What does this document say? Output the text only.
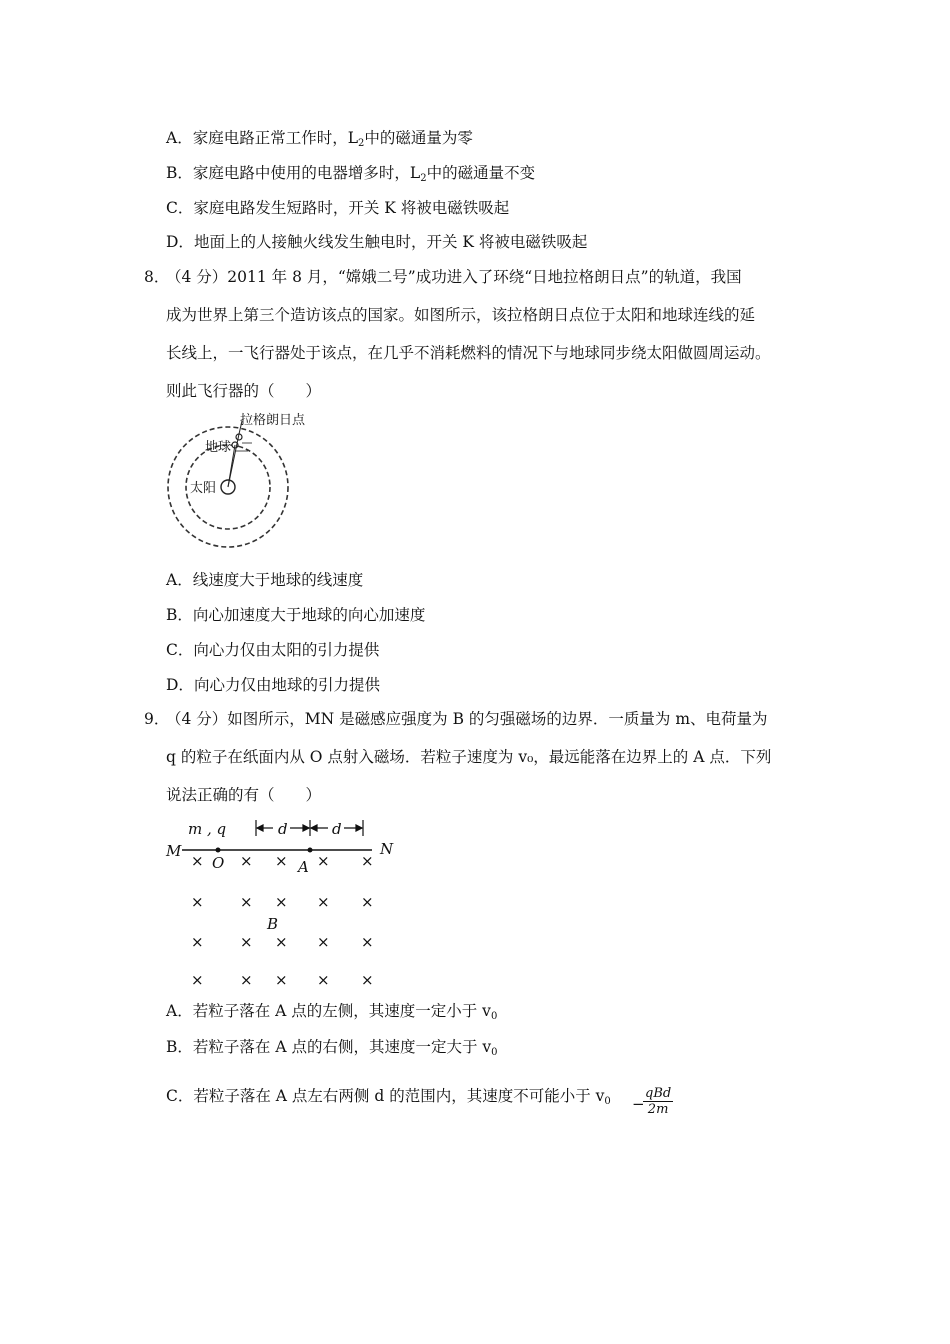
A．家庭电路正常工作时，$L_2$中的磁通量为零
B．家庭电路中使用的电器增多时，$L_2$中的磁通量不变
C．家庭电路发生短路时，开关 K 将被电磁铁吸起
D．地面上的人接触火线发生触电时，开关 K 将被电磁铁吸起
8．
（4 分）2011 年 8 月，“嫦娥二号”成功进入了环绕“日地拉格朗日点”的轨道，我国
成为世界上第三个造访该点的国家。如图所示，该拉格朗日点位于太阳和地球连线的延
长线上，一飞行器处于该点，在几乎不消耗燃料的情况下与地球同步绕太阳做圆周运动。
则此飞行器的（　　）
拉格朗日点
地球
太阳
A．线速度大于地球的线速度
B．向心加速度大于地球的向心加速度
C．向心力仅由太阳的引力提供
D．向心力仅由地球的引力提供
9．
（4 分）如图所示，MN 是磁感应强度为 B 的匀强磁场的边界．一质量为 m、电荷量为
q 的粒子在纸面内从 O 点射入磁场．若粒子速度为 v₀，最远能落在边界上的 A 点．下列
说法正确的有（　　）
m , q
M	N
O	A
B
d	d
× × × × ×
× × × × ×
× × × × ×
× × × × ×
A．若粒子落在 A 点的左侧，其速度一定小于 $v_0$
B．若粒子落在 A 点的右侧，其速度一定大于 $v_0$
C．若粒子落在 A 点左右两侧 d 的范围内，其速度不可能小于 $v_0$ −
qBd
2m
